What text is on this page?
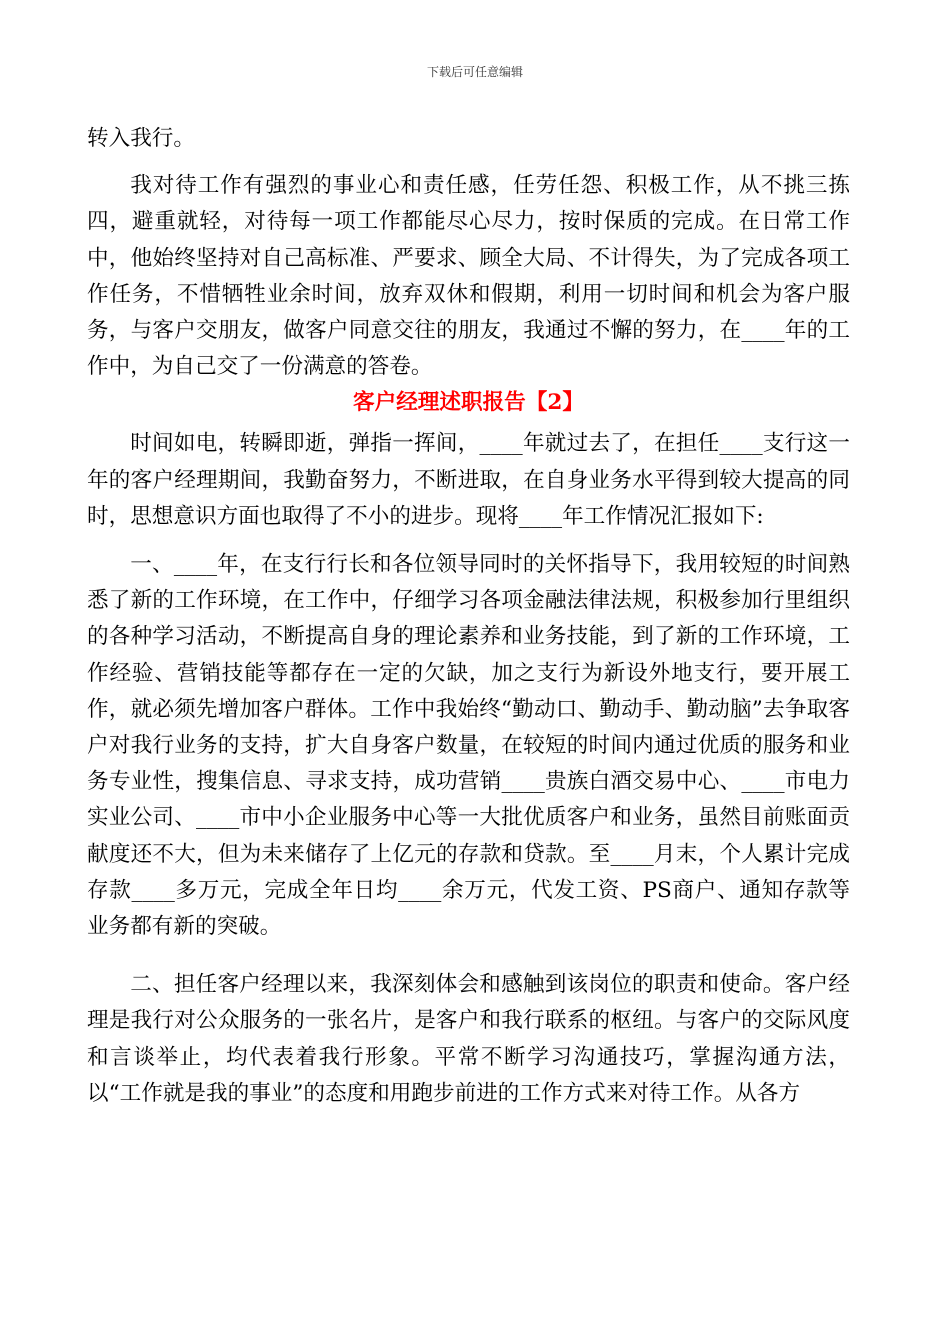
下载后可任意编辑

转入我行。

我对待工作有强烈的事业心和责任感，任劳任怨、积极工作，从不挑三拣四，避重就轻，对待每一项工作都能尽心尽力，按时保质的完成。在日常工作中，他始终坚持对自己高标准、严要求、顾全大局、不计得失，为了完成各项工作任务，不惜牺牲业余时间，放弃双休和假期，利用一切时间和机会为客户服务，与客户交朋友，做客户同意交往的朋友，我通过不懈的努力，在____年的工作中，为自己交了一份满意的答卷。

客户经理述职报告【2】

时间如电，转瞬即逝，弹指一挥间，____年就过去了，在担任____支行这一年的客户经理期间，我勤奋努力，不断进取，在自身业务水平得到较大提高的同时，思想意识方面也取得了不小的进步。现将____年工作情况汇报如下:

一、____年，在支行行长和各位领导同时的关怀指导下，我用较短的时间熟悉了新的工作环境，在工作中，仔细学习各项金融法律法规，积极参加行里组织的各种学习活动，不断提高自身的理论素养和业务技能，到了新的工作环境，工作经验、营销技能等都存在一定的欠缺，加之支行为新设外地支行，要开展工作，就必须先增加客户群体。工作中我始终“勤动口、勤动手、勤动脑”去争取客户对我行业务的支持，扩大自身客户数量，在较短的时间内通过优质的服务和业务专业性，搜集信息、寻求支持，成功营销____贵族白酒交易中心、____市电力实业公司、____市中小企业服务中心等一大批优质客户和业务，虽然目前账面贡献度还不大，但为未来储存了上亿元的存款和贷款。至____月末，个人累计完成存款____多万元，完成全年日均____余万元，代发工资、PS商户、通知存款等业务都有新的突破。

二、担任客户经理以来，我深刻体会和感触到该岗位的职责和使命。客户经理是我行对公众服务的一张名片，是客户和我行联系的枢纽。与客户的交际风度和言谈举止，均代表着我行形象。平常不断学习沟通技巧，掌握沟通方法，以“工作就是我的事业”的态度和用跑步前进的工作方式来对待工作。从各方
